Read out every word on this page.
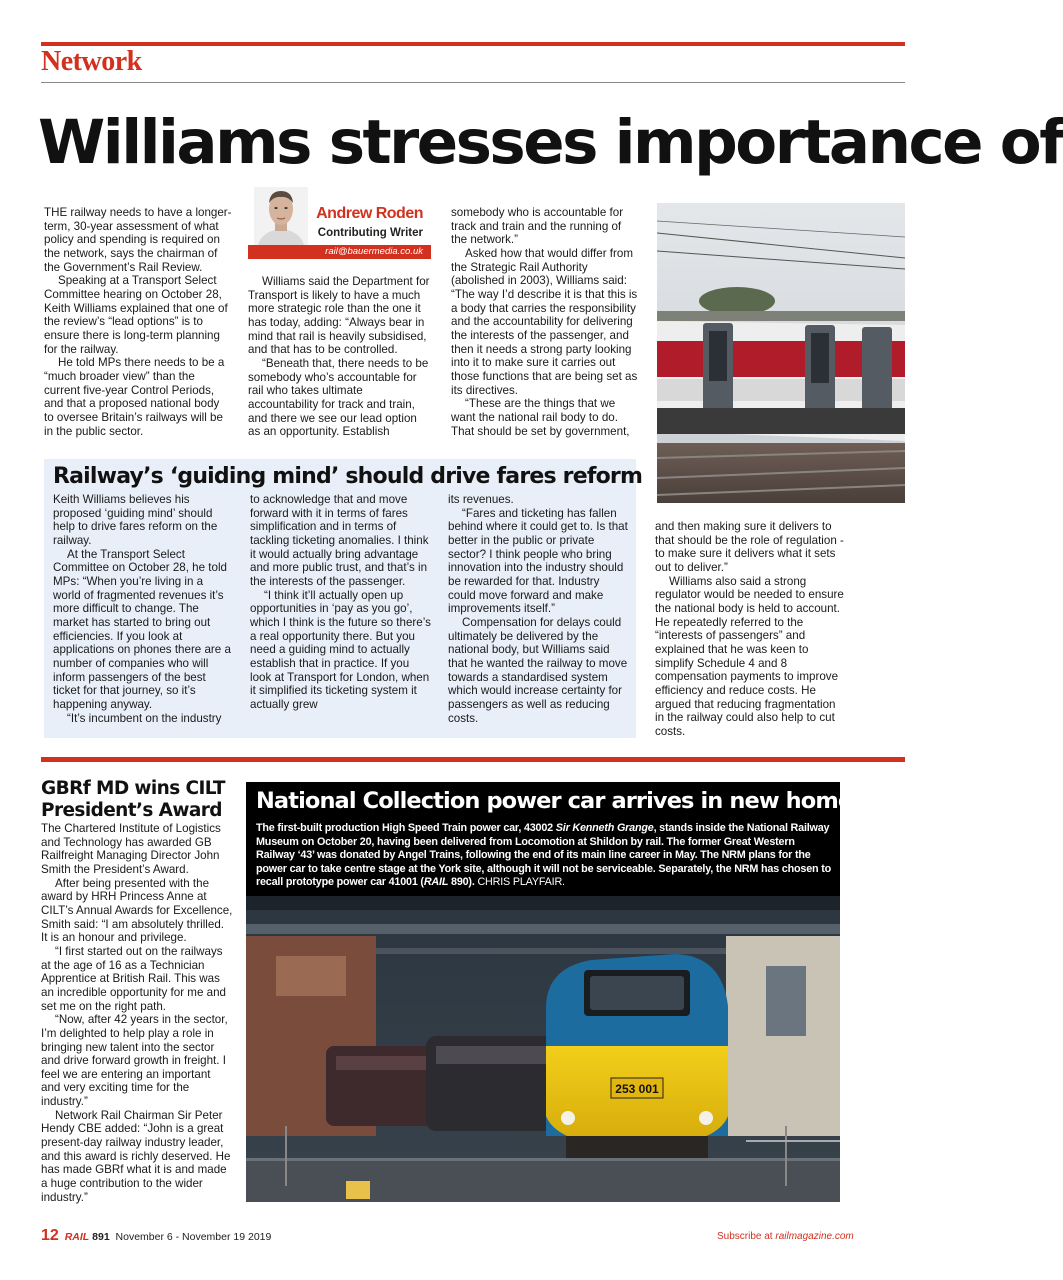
Network
Williams stresses importance of

THE railway needs to have a longer-term, 30-year assessment of what policy and spending is required on the network, says the chairman of the Government’s Rail Review.

Speaking at a Transport Select Committee hearing on October 28, Keith Williams explained that one of the review’s “lead options” is to ensure there is long-term planning for the railway.

He told MPs there needs to be a “much broader view” than the current five-year Control Periods, and that a proposed national body to oversee Britain’s railways will be in the public sector.

Andrew Roden
Contributing Writer
rail@bauermedia.co.uk

Williams said the Department for Transport is likely to have a much more strategic role than the one it has today, adding: “Always bear in mind that rail is heavily subsidised, and that has to be controlled.

“Beneath that, there needs to be somebody who’s accountable for rail who takes ultimate accountability for track and train, and there we see our lead option as an opportunity. Establish

somebody who is accountable for track and train and the running of the network.”

Asked how that would differ from the Strategic Rail Authority (abolished in 2003), Williams said: “The way I’d describe it is that this is a body that carries the responsibility and the accountability for delivering the interests of the passenger, and then it needs a strong party looking into it to make sure it carries out those functions that are being set as its directives.

“These are the things that we want the national rail body to do. That should be set by government,

and then making sure it delivers to that should be the role of regulation - to make sure it delivers what it sets out to deliver.”

Williams also said a strong regulator would be needed to ensure the national body is held to account. He repeatedly referred to the “interests of passengers” and explained that he was keen to simplify Schedule 4 and 8 compensation payments to improve efficiency and reduce costs. He argued that reducing fragmentation in the railway could also help to cut costs.

Railway’s ‘guiding mind’ should drive fares reform

Keith Williams believes his proposed ‘guiding mind’ should help to drive fares reform on the railway.

At the Transport Select Committee on October 28, he told MPs: “When you’re living in a world of fragmented revenues it’s more difficult to change. The market has started to bring out efficiencies. If you look at applications on phones there are a number of companies who will inform passengers of the best ticket for that journey, so it’s happening anyway.

“It’s incumbent on the industry

to acknowledge that and move forward with it in terms of fares simplification and in terms of tackling ticketing anomalies. I think it would actually bring advantage and more public trust, and that’s in the interests of the passenger.

“I think it’ll actually open up opportunities in ‘pay as you go’, which I think is the future so there’s a real opportunity there. But you need a guiding mind to actually establish that in practice. If you look at Transport for London, when it simplified its ticketing system it actually grew

its revenues.

“Fares and ticketing has fallen behind where it could get to. Is that better in the public or private sector? I think people who bring innovation into the industry should be rewarded for that. Industry could move forward and make improvements itself.”

Compensation for delays could ultimately be delivered by the national body, but Williams said that he wanted the railway to move towards a standardised system which would increase certainty for passengers as well as reducing costs.

GBRf MD wins CILT President’s Award

The Chartered Institute of Logistics and Technology has awarded GB Railfreight Managing Director John Smith the President’s Award.

After being presented with the award by HRH Princess Anne at CILT’s Annual Awards for Excellence, Smith said: “I am absolutely thrilled. It is an honour and privilege.

“I first started out on the railways at the age of 16 as a Technician Apprentice at British Rail. This was an incredible opportunity for me and set me on the right path.

“Now, after 42 years in the sector, I’m delighted to help play a role in bringing new talent into the sector and drive forward growth in freight. I feel we are entering an important and very exciting time for the industry.”

Network Rail Chairman Sir Peter Hendy CBE added: “John is a great present-day railway industry leader, and this award is richly deserved. He has made GBRf what it is and made a huge contribution to the wider industry.”

National Collection power car arrives in new home
The first-built production High Speed Train power car, 43002 Sir Kenneth Grange, stands inside the National Railway Museum on October 20, having been delivered from Locomotion at Shildon by rail. The former Great Western Railway ‘43’ was donated by Angel Trains, following the end of its main line career in May. The NRM plans for the power car to take centre stage at the York site, although it will not be serviceable. Separately, the NRM has chosen to recall prototype power car 41001 (RAIL 890). CHRIS PLAYFAIR.
253 001
12 RAIL 891 November 6 - November 19 2019	Subscribe at railmagazine.com
